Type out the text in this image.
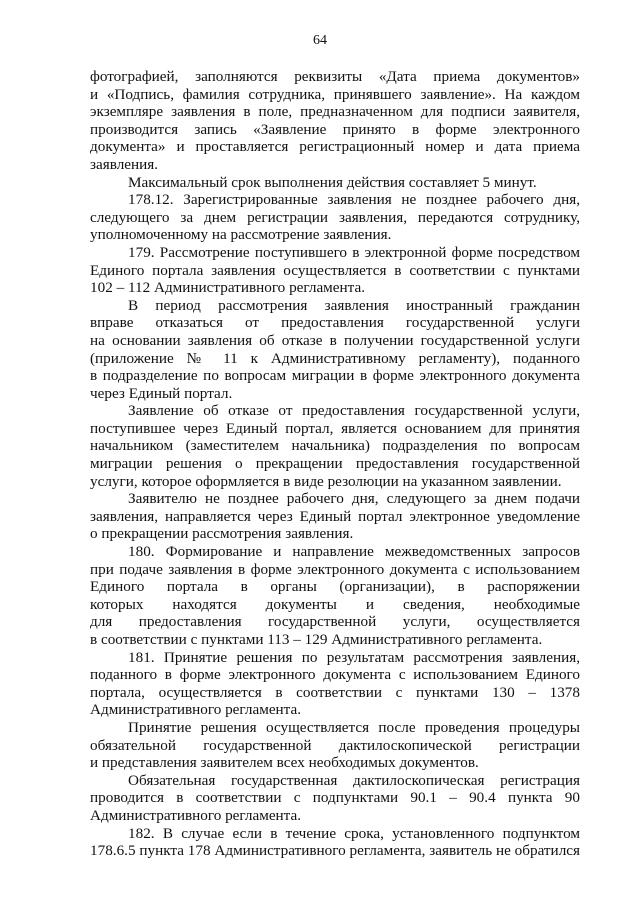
64

фотографией, заполняются реквизиты «Дата приема документов»
и «Подпись, фамилия сотрудника, принявшего заявление». На каждом
экземпляре заявления в поле, предназначенном для подписи заявителя,
производится запись «Заявление принято в форме электронного
документа» и проставляется регистрационный номер и дата приема
заявления.

Максимальный срок выполнения действия составляет 5 минут.

178.12. Зарегистрированные заявления не позднее рабочего дня,
следующего за днем регистрации заявления, передаются сотруднику,
уполномоченному на рассмотрение заявления.

179. Рассмотрение поступившего в электронной форме посредством
Единого портала заявления осуществляется в соответствии с пунктами
102 – 112 Административного регламента.

В период рассмотрения заявления иностранный гражданин
вправе отказаться от предоставления государственной услуги
на основании заявления об отказе в получении государственной услуги
(приложение № 11 к Административному регламенту), поданного
в подразделение по вопросам миграции в форме электронного документа
через Единый портал.

Заявление об отказе от предоставления государственной услуги,
поступившее через Единый портал, является основанием для принятия
начальником (заместителем начальника) подразделения по вопросам
миграции решения о прекращении предоставления государственной
услуги, которое оформляется в виде резолюции на указанном заявлении.

Заявителю не позднее рабочего дня, следующего за днем подачи
заявления, направляется через Единый портал электронное уведомление
о прекращении рассмотрения заявления.

180. Формирование и направление межведомственных запросов
при подаче заявления в форме электронного документа с использованием
Единого портала в органы (организации), в распоряжении
которых находятся документы и сведения, необходимые
для предоставления государственной услуги, осуществляется
в соответствии с пунктами 113 – 129 Административного регламента.

181. Принятие решения по результатам рассмотрения заявления,
поданного в форме электронного документа с использованием Единого
портала, осуществляется в соответствии с пунктами 130 – 1378
Административного регламента.

Принятие решения осуществляется после проведения процедуры
обязательной государственной дактилоскопической регистрации
и представления заявителем всех необходимых документов.

Обязательная государственная дактилоскопическая регистрация
проводится в соответствии с подпунктами 90.1 – 90.4 пункта 90
Административного регламента.

182. В случае если в течение срока, установленного подпунктом
178.6.5 пункта 178 Административного регламента, заявитель не обратился
